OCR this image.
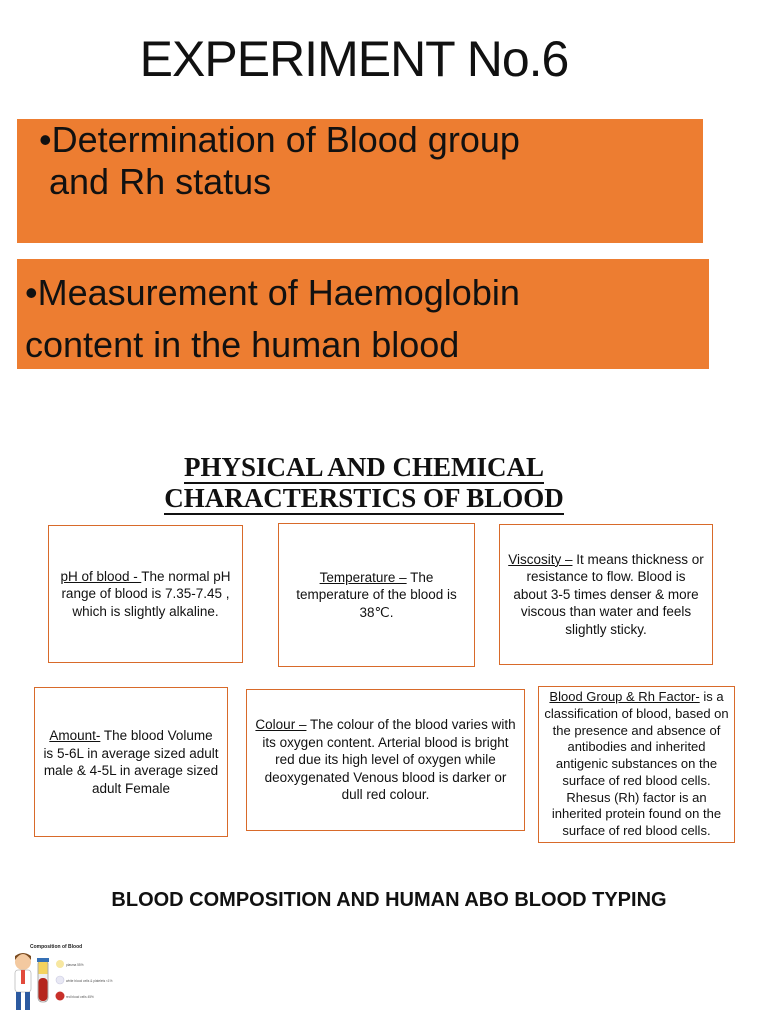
EXPERIMENT No.6
•Determination of Blood group
and Rh status
•Measurement of Haemoglobin
content in the human blood
PHYSICAL AND CHEMICAL
CHARACTERSTICS OF BLOOD
pH of blood - The normal pH range of blood is 7.35-7.45 , which is slightly alkaline.
Temperature – The temperature of the blood is 38℃.
Viscosity – It means thickness or resistance to flow. Blood is about 3-5 times denser & more viscous than water and feels slightly sticky.
Amount- The blood Volume is 5-6L in average sized adult male & 4-5L in average sized adult Female
Colour – The colour of the blood varies with its oxygen content. Arterial blood is bright red due its high level of oxygen while deoxygenated Venous blood is darker or dull red colour.
Blood Group & Rh Factor- is a classification of blood, based on the presence and absence of antibodies and inherited antigenic substances on the surface of red blood cells. Rhesus (Rh) factor is an inherited protein found on the surface of red blood cells.
BLOOD COMPOSITION AND HUMAN ABO BLOOD TYPING
Composition of Blood
plasma 55%
white blood cells & platelets <1%
red blood cells 45%
